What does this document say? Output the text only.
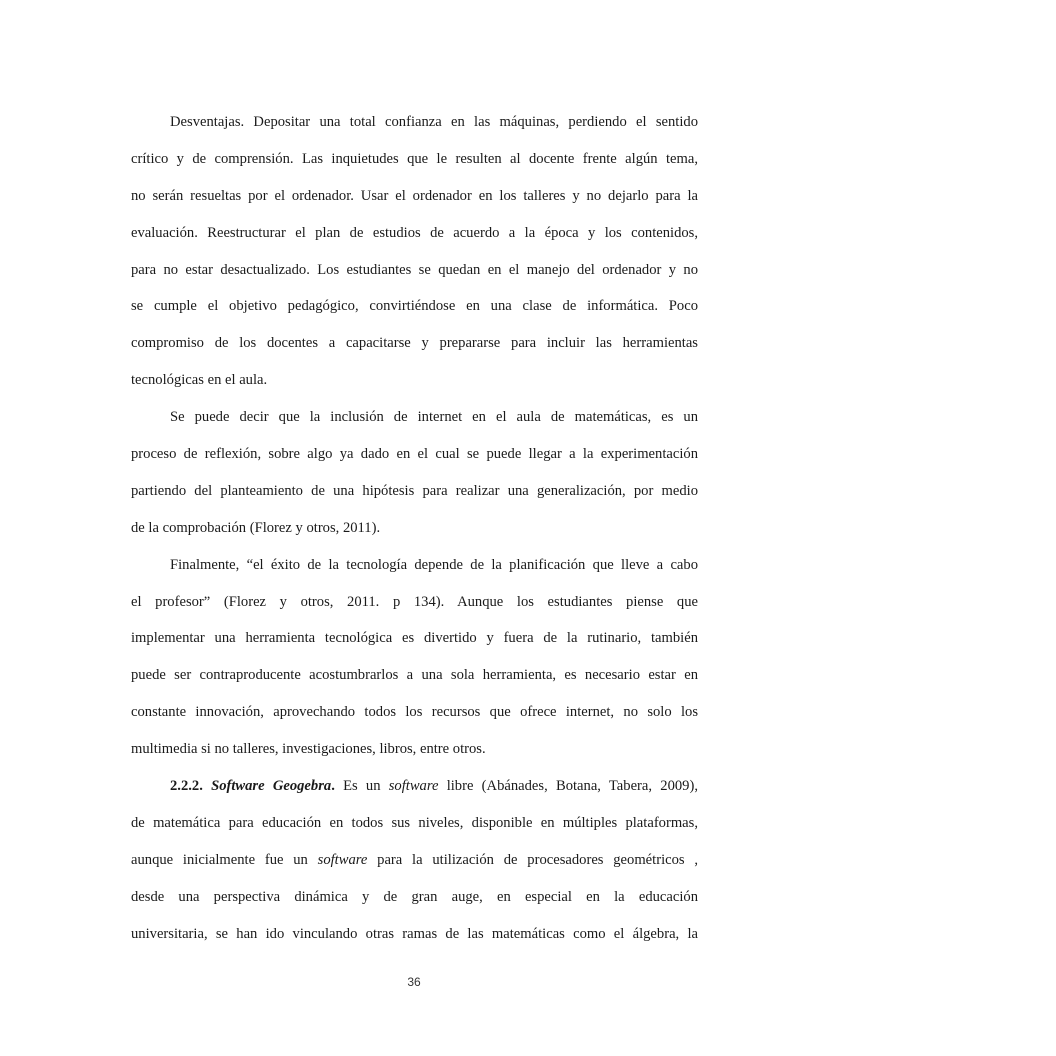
Desventajas. Depositar una total confianza en las máquinas, perdiendo el sentido
crítico y de comprensión. Las inquietudes que le resulten al docente frente algún tema,
no serán resueltas por el ordenador. Usar el ordenador en los talleres y no dejarlo para la
evaluación. Reestructurar el plan de estudios de acuerdo a la época y los contenidos,
para no estar desactualizado. Los estudiantes se quedan en el manejo del ordenador y no
se cumple el objetivo pedagógico, convirtiéndose en una clase de informática. Poco
compromiso de los docentes a capacitarse y prepararse para incluir las herramientas
tecnológicas en el aula.
Se puede decir que la inclusión de internet en el aula de matemáticas, es un
proceso de reflexión, sobre algo ya dado en el cual se puede llegar a la experimentación
partiendo del planteamiento de una hipótesis para realizar una generalización, por medio
de la comprobación (Florez y otros, 2011).
Finalmente, “el éxito de la tecnología depende de la planificación que lleve a cabo
el profesor” (Florez y otros, 2011. p 134). Aunque los estudiantes piense que
implementar una herramienta tecnológica es divertido y fuera de la rutinario, también
puede ser contraproducente acostumbrarlos a una sola herramienta, es necesario estar en
constante innovación, aprovechando todos los recursos que ofrece internet, no solo los
multimedia si no talleres, investigaciones, libros, entre otros.
2.2.2. Software Geogebra. Es un software libre (Abánades, Botana, Tabera, 2009),
de matemática para educación en todos sus niveles, disponible en múltiples plataformas,
aunque inicialmente fue un software para la utilización de procesadores geométricos ,
desde una perspectiva dinámica y de gran auge, en especial en la educación
universitaria, se han ido vinculando otras ramas de las matemáticas como el álgebra, la
36
